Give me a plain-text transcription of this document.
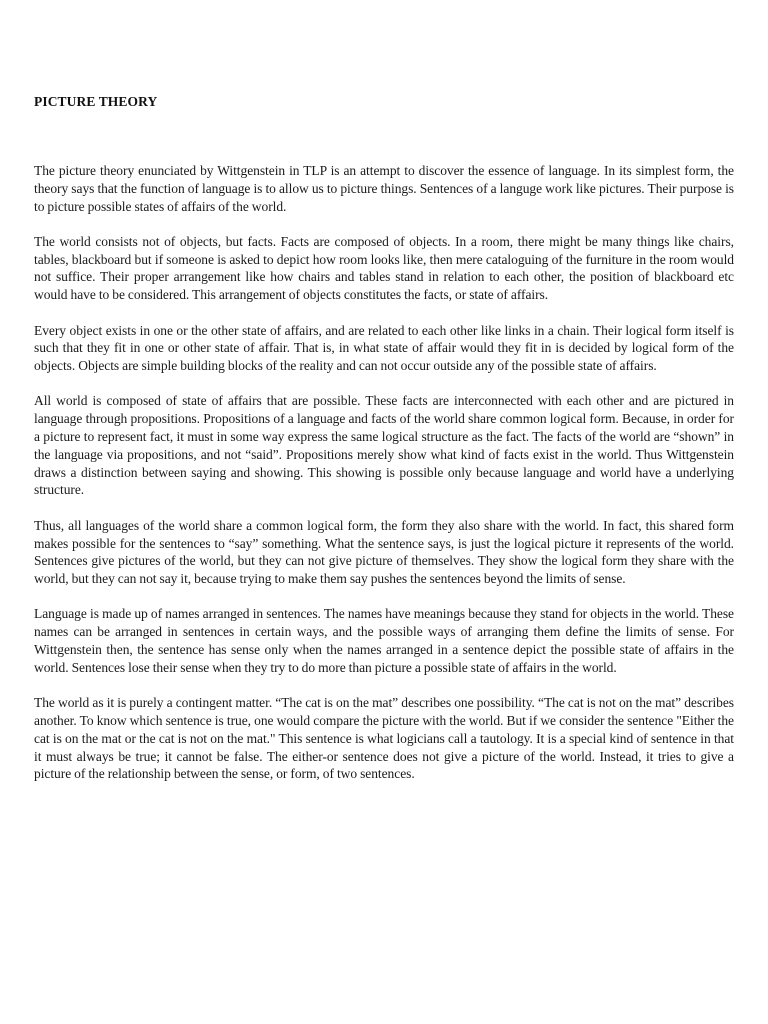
PICTURE THEORY

The picture theory enunciated by Wittgenstein in TLP is an attempt to discover the essence of language. In its simplest form, the theory says that the function of language is to allow us to picture things. Sentences of a languge work like pictures. Their purpose is to picture possible states of affairs of the world.

The world consists not of objects, but facts. Facts are composed of objects. In a room, there might be many things like chairs, tables, blackboard but if someone is asked to depict how room looks like, then mere cataloguing of the furniture in the room would not suffice. Their proper arrangement like how chairs and tables stand in relation to each other, the position of blackboard etc would have to be considered. This arrangement of objects constitutes the facts, or state of affairs.

Every object exists in one or the other state of affairs, and are related to each other like links in a chain. Their logical form itself is such that they fit in one or other state of affair. That is, in what state of affair would they fit in is decided by logical form of the objects. Objects are simple building blocks of the reality and can not occur outside any of the possible state of affairs.

All world is composed of state of affairs that are possible. These facts are interconnected with each other and are pictured in language through propositions. Propositions of a language and facts of the world share common logical form. Because, in order for a picture to represent fact, it must in some way express the same logical structure as the fact. The facts of the world are “shown” in the language via propositions, and not “said”. Propositions merely show what kind of facts exist in the world. Thus Wittgenstein draws a distinction between saying and showing. This showing is possible only because language and world have a underlying structure.

Thus, all languages of the world share a common logical form, the form they also share with the world. In fact, this shared form makes possible for the sentences to “say” something. What the sentence says, is just the logical picture it represents of the world. Sentences give pictures of the world, but they can not give picture of themselves. They show the logical form they share with the world, but they can not say it, because trying to make them say pushes the sentences beyond the limits of sense.

Language is made up of names arranged in sentences. The names have meanings because they stand for objects in the world. These names can be arranged in sentences in certain ways, and the possible ways of arranging them define the limits of sense. For Wittgenstein then, the sentence has sense only when the names arranged in a sentence depict the possible state of affairs in the world. Sentences lose their sense when they try to do more than picture a possible state of affairs in the world.

The world as it is purely a contingent matter. “The cat is on the mat” describes one possibility. “The cat is not on the mat” describes another. To know which sentence is true, one would compare the picture with the world. But if we consider the sentence "Either the cat is on the mat or the cat is not on the mat." This sentence is what logicians call a tautology. It is a special kind of sentence in that it must always be true; it cannot be false. The either-or sentence does not give a picture of the world. Instead, it tries to give a picture of the relationship between the sense, or form, of two sentences.
